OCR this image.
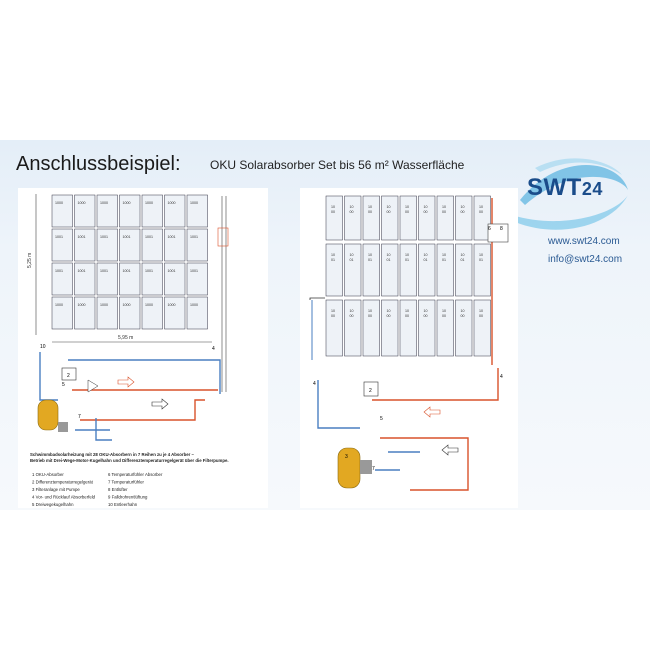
Anschlussbeispiel: OKU Solarabsorber Set bis 56 m² Wasserfläche
SWT24
www.swt24.com
info@swt24.com
1000	1000	1000	1000	1000	1000	1000
1001	1001	1001	1001	1001	1001	1001
1001	1001	1001	1001	1001	1001	1001
1000	1000	1000	1000	1000	1000	1000
5,25 m
5,95 m
2
4
10
7
5
Schwimmbadsolarheizung mit 28 OKU-Absorbern in 7 Reihen zu je 4 Absorber – Betrieb mit Drei-Wege-Motor-Kugelhahn und Differenztemperaturregelgerät über die Filterpumpe.
1 OKU-Absorber	6 Temperaturfühler Absorber
2 Differenztemperaturregelgerät	7 Temperaturfühler
3 Filteranlage mit Pumpe	8 Entlüfter
4 Vor- und Rücklauf Absorberfeld	9 Falldrohrentlüftung
5 Dreiwegekugelhahn	10 Entleerhahn
10
00
10
00
10
00
10
00
10
00
10
00
10
00
10
00
10
00
10
01
10
01
10
01
10
01
10
01
10
01
10
01
10
01
10
01
10
00
10
00
10
00
10
00
10
00
10
00
10
00
10
00
10
00
2
3
6 8
4
4
5
7
